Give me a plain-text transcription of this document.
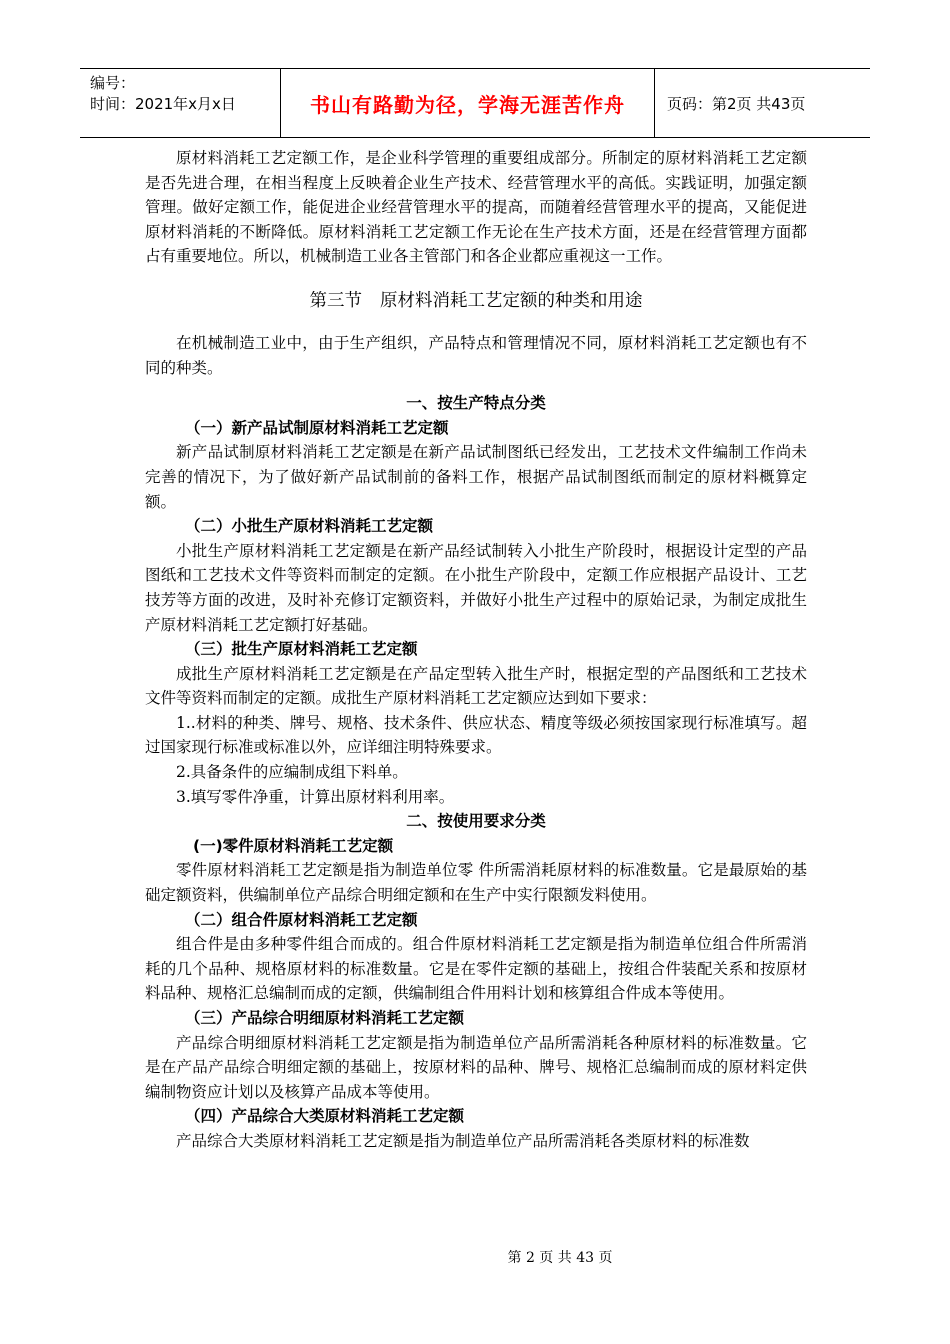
编号：
时间：2021年x月x日	书山有路勤为径，学海无涯苦作舟	页码：第2页 共43页

原材料消耗工艺定额工作，是企业科学管理的重要组成部分。所制定的原材料消耗工艺定额是否先进合理，在相当程度上反映着企业生产技术、经营管理水平的高低。实践证明，加强定额管理。做好定额工作，能促进企业经营管理水平的提高，而随着经营管理水平的提高，又能促进原材料消耗的不断降低。原材料消耗工艺定额工作无论在生产技术方面，还是在经营管理方面都占有重要地位。所以，机械制造工业各主管部门和各企业都应重视这一工作。

第三节 原材料消耗工艺定额的种类和用途

在机械制造工业中，由于生产组织，产品特点和管理情况不同，原材料消耗工艺定额也有不同的种类。

一、按生产特点分类
（一）新产品试制原材料消耗工艺定额

新产品试制原材料消耗工艺定额是在新产品试制图纸已经发出，工艺技术文件编制工作尚未完善的情况下，为了做好新产品试制前的备料工作，根据产品试制图纸而制定的原材料概算定额。

（二）小批生产原材料消耗工艺定额

小批生产原材料消耗工艺定额是在新产品经试制转入小批生产阶段时，根据设计定型的产品图纸和工艺技术文件等资料而制定的定额。在小批生产阶段中，定额工作应根据产品设计、工艺技芳等方面的改进，及时补充修订定额资料，并做好小批生产过程中的原始记录，为制定成批生产原材料消耗工艺定额打好基础。

（三）批生产原材料消耗工艺定额

成批生产原材料消耗工艺定额是在产品定型转入批生产时，根据定型的产品图纸和工艺技术文件等资料而制定的定额。成批生产原材料消耗工艺定额应达到如下要求：

1..材料的种类、牌号、规格、技术条件、供应状态、精度等级必须按国家现行标准填写。超过国家现行标准或标准以外，应详细注明特殊要求。

2.具备条件的应编制成组下料单。

3.填写零件净重，计算出原材料利用率。

二、按使用要求分类
(一)零件原材料消耗工艺定额

零件原材料消耗工艺定额是指为制造单位零 件所需消耗原材料的标准数量。它是最原始的基础定额资料，供编制单位产品综合明细定额和在生产中实行限额发料使用。

（二）组合件原材料消耗工艺定额

组合件是由多种零件组合而成的。组合件原材料消耗工艺定额是指为制造单位组合件所需消耗的几个品种、规格原材料的标准数量。它是在零件定额的基础上，按组合件装配关系和按原材料品种、规格汇总编制而成的定额，供编制组合件用料计划和核算组合件成本等使用。

（三）产品综合明细原材料消耗工艺定额

产品综合明细原材料消耗工艺定额是指为制造单位产品所需消耗各种原材料的标准数量。它是在产品产品综合明细定额的基础上，按原材料的品种、牌号、规格汇总编制而成的原材料定供编制物资应计划以及核算产品成本等使用。

（四）产品综合大类原材料消耗工艺定额

产品综合大类原材料消耗工艺定额是指为制造单位产品所需消耗各类原材料的标准数

第 2 页 共 43 页
